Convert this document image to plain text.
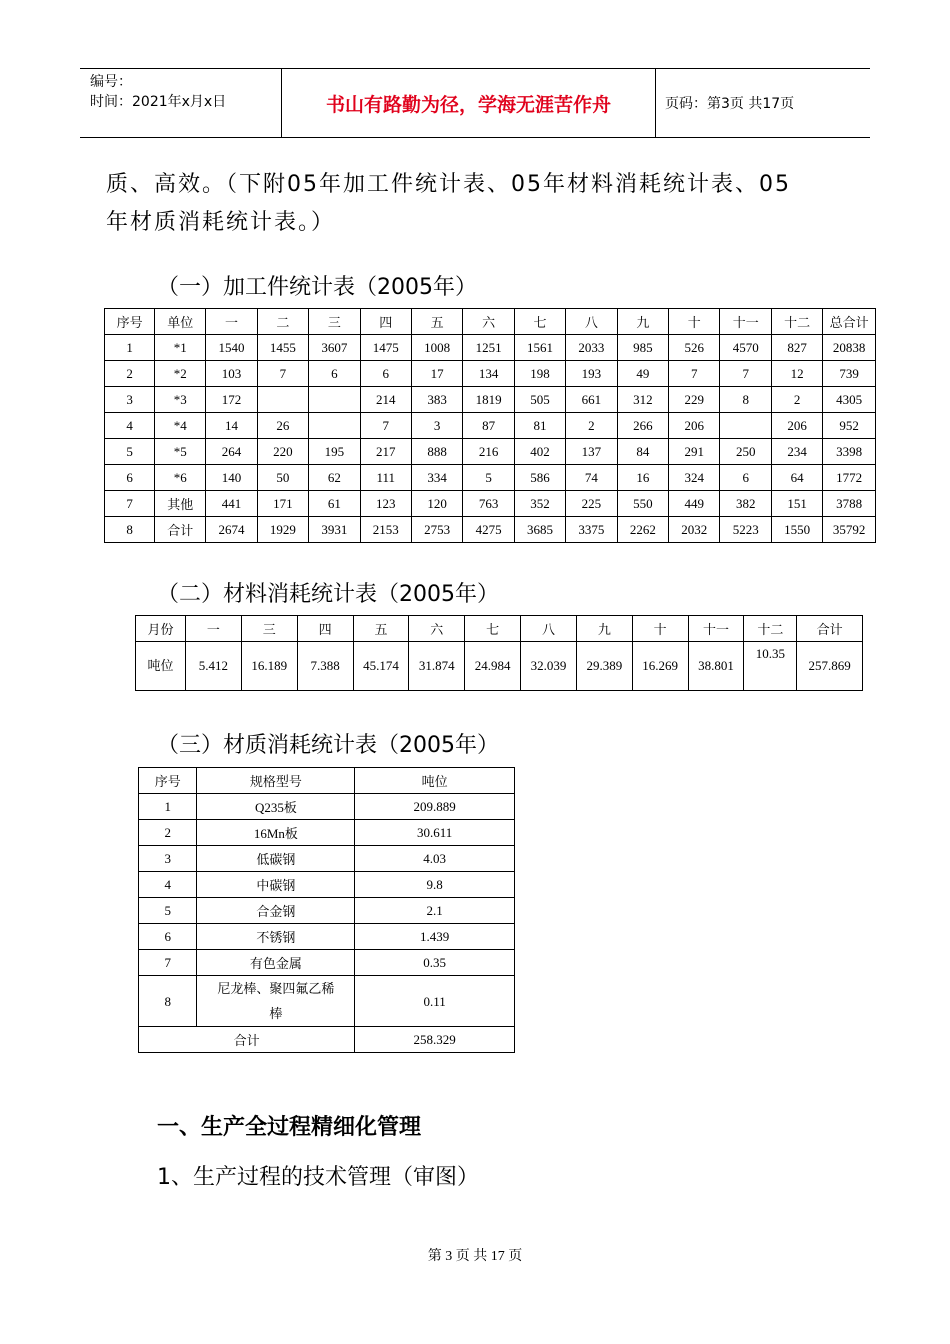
编号：
时间：2021年x月x日	书山有路勤为径，学海无涯苦作舟	页码：第3页 共17页
质、高效。（下附05年加工件统计表、05年材料消耗统计表、05
年材质消耗统计表。）
（一）加工件统计表（2005年）
序号	单位	一	二	三	四	五	六	七	八	九	十	十一	十二	总合计
1	*1	1540	1455	3607	1475	1008	1251	1561	2033	985	526	4570	827	20838
2	*2	103	7	6	6	17	134	198	193	49	7	7	12	739
3	*3	172			214	383	1819	505	661	312	229	8	2	4305
4	*4	14	26		7	3	87	81	2	266	206		206	952
5	*5	264	220	195	217	888	216	402	137	84	291	250	234	3398
6	*6	140	50	62	111	334	5	586	74	16	324	6	64	1772
7	其他	441	171	61	123	120	763	352	225	550	449	382	151	3788
8	合计	2674	1929	3931	2153	2753	4275	3685	3375	2262	2032	5223	1550	35792
（二）材料消耗统计表（2005年）
月份	一	三	四	五	六	七	八	九	十	十一	十二	合计
吨位	5.412	16.189	7.388	45.174	31.874	24.984	32.039	29.389	16.269	38.801	10.35	257.869
（三）材质消耗统计表（2005年）
序号	规格型号	吨位
1	Q235板	209.889
2	16Mn板	30.611
3	低碳钢	4.03
4	中碳钢	9.8
5	合金钢	2.1
6	不锈钢	1.439
7	有色金属	0.35
8	尼龙棒、聚四氟乙稀棒	0.11
合计		258.329
一、生产全过程精细化管理
1、生产过程的技术管理（审图）
第 3 页 共 17 页
